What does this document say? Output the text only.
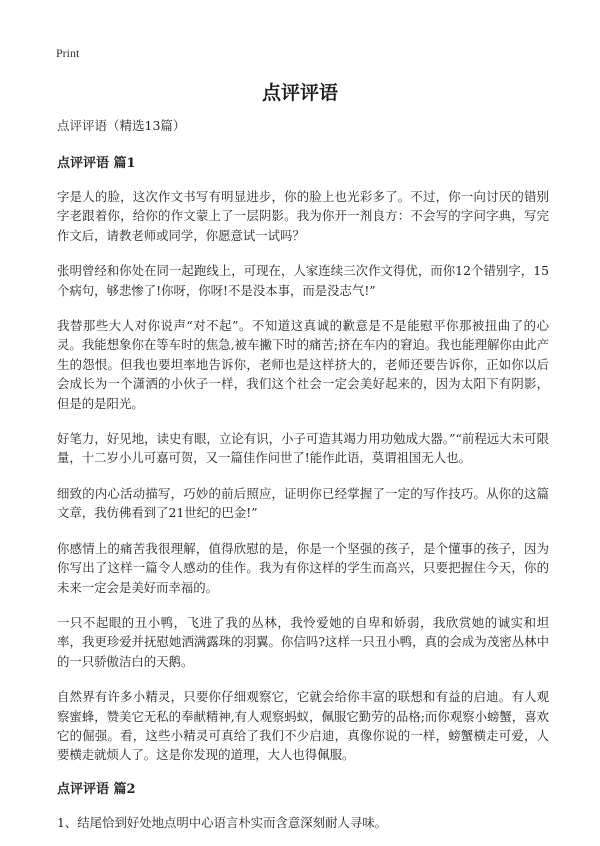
Print
点评评语

点评评语（精选13篇）

点评评语 篇1

字是人的脸，这次作文书写有明显进步，你的脸上也光彩多了。不过，你一向讨厌的错别字老跟着你，给你的作文蒙上了一层阴影。我为你开一剂良方：不会写的字问字典，写完作文后，请教老师或同学，你愿意试一试吗？

张明曾经和你处在同一起跑线上，可现在，人家连续三次作文得优，而你12个错别字，15个病句，够悲惨了!你呀，你呀!不是没本事，而是没志气!”

我替那些大人对你说声“对不起”。不知道这真诚的歉意是不是能慰平你那被扭曲了的心灵。我能想象你在等车时的焦急,被车撇下时的痛苦;挤在车内的窘迫。我也能理解你由此产生的怨恨。但我也要坦率地告诉你，老师也是这样挤大的，老师还要告诉你，正如你以后会成长为一个潇洒的小伙子一样，我们这个社会一定会美好起来的，因为太阳下有阴影，但是的是阳光。

好笔力，好见地，读史有眼，立论有识，小子可造其竭力用功勉成大器。”“前程远大未可限量，十二岁小儿可嘉可贺，又一篇佳作问世了!能作此语，莫谓祖国无人也。

细致的内心活动描写，巧妙的前后照应，证明你已经掌握了一定的写作技巧。从你的这篇文章，我仿佛看到了21世纪的巴金!”

你感情上的痛苦我很理解，值得欣慰的是，你是一个坚强的孩子，是个懂事的孩子，因为你写出了这样一篇令人感动的佳作。我为有你这样的学生而高兴，只要把握住今天，你的未来一定会是美好而幸福的。

一只不起眼的丑小鸭，飞进了我的丛林，我怜爱她的自卑和娇弱，我欣赏她的诚实和坦率，我更珍爱并抚慰她洒满露珠的羽翼。你信吗?这样一只丑小鸭，真的会成为茂密丛林中的一只骄傲洁白的天鹅。

自然界有许多小精灵，只要你仔细观察它，它就会给你丰富的联想和有益的启迪。有人观察蜜蜂，赞美它无私的奉献精神,有人观察蚂蚁，佩服它勤劳的品格;而你观察小螃蟹，喜欢它的倔强。看，这些小精灵可真给了我们不少启迪，真像你说的一样，螃蟹横走可爱，人要横走就烦人了。这是你发现的道理，大人也得佩服。

点评评语 篇2

1、结尾恰到好处地点明中心语言朴实而含意深刻耐人寻味。
